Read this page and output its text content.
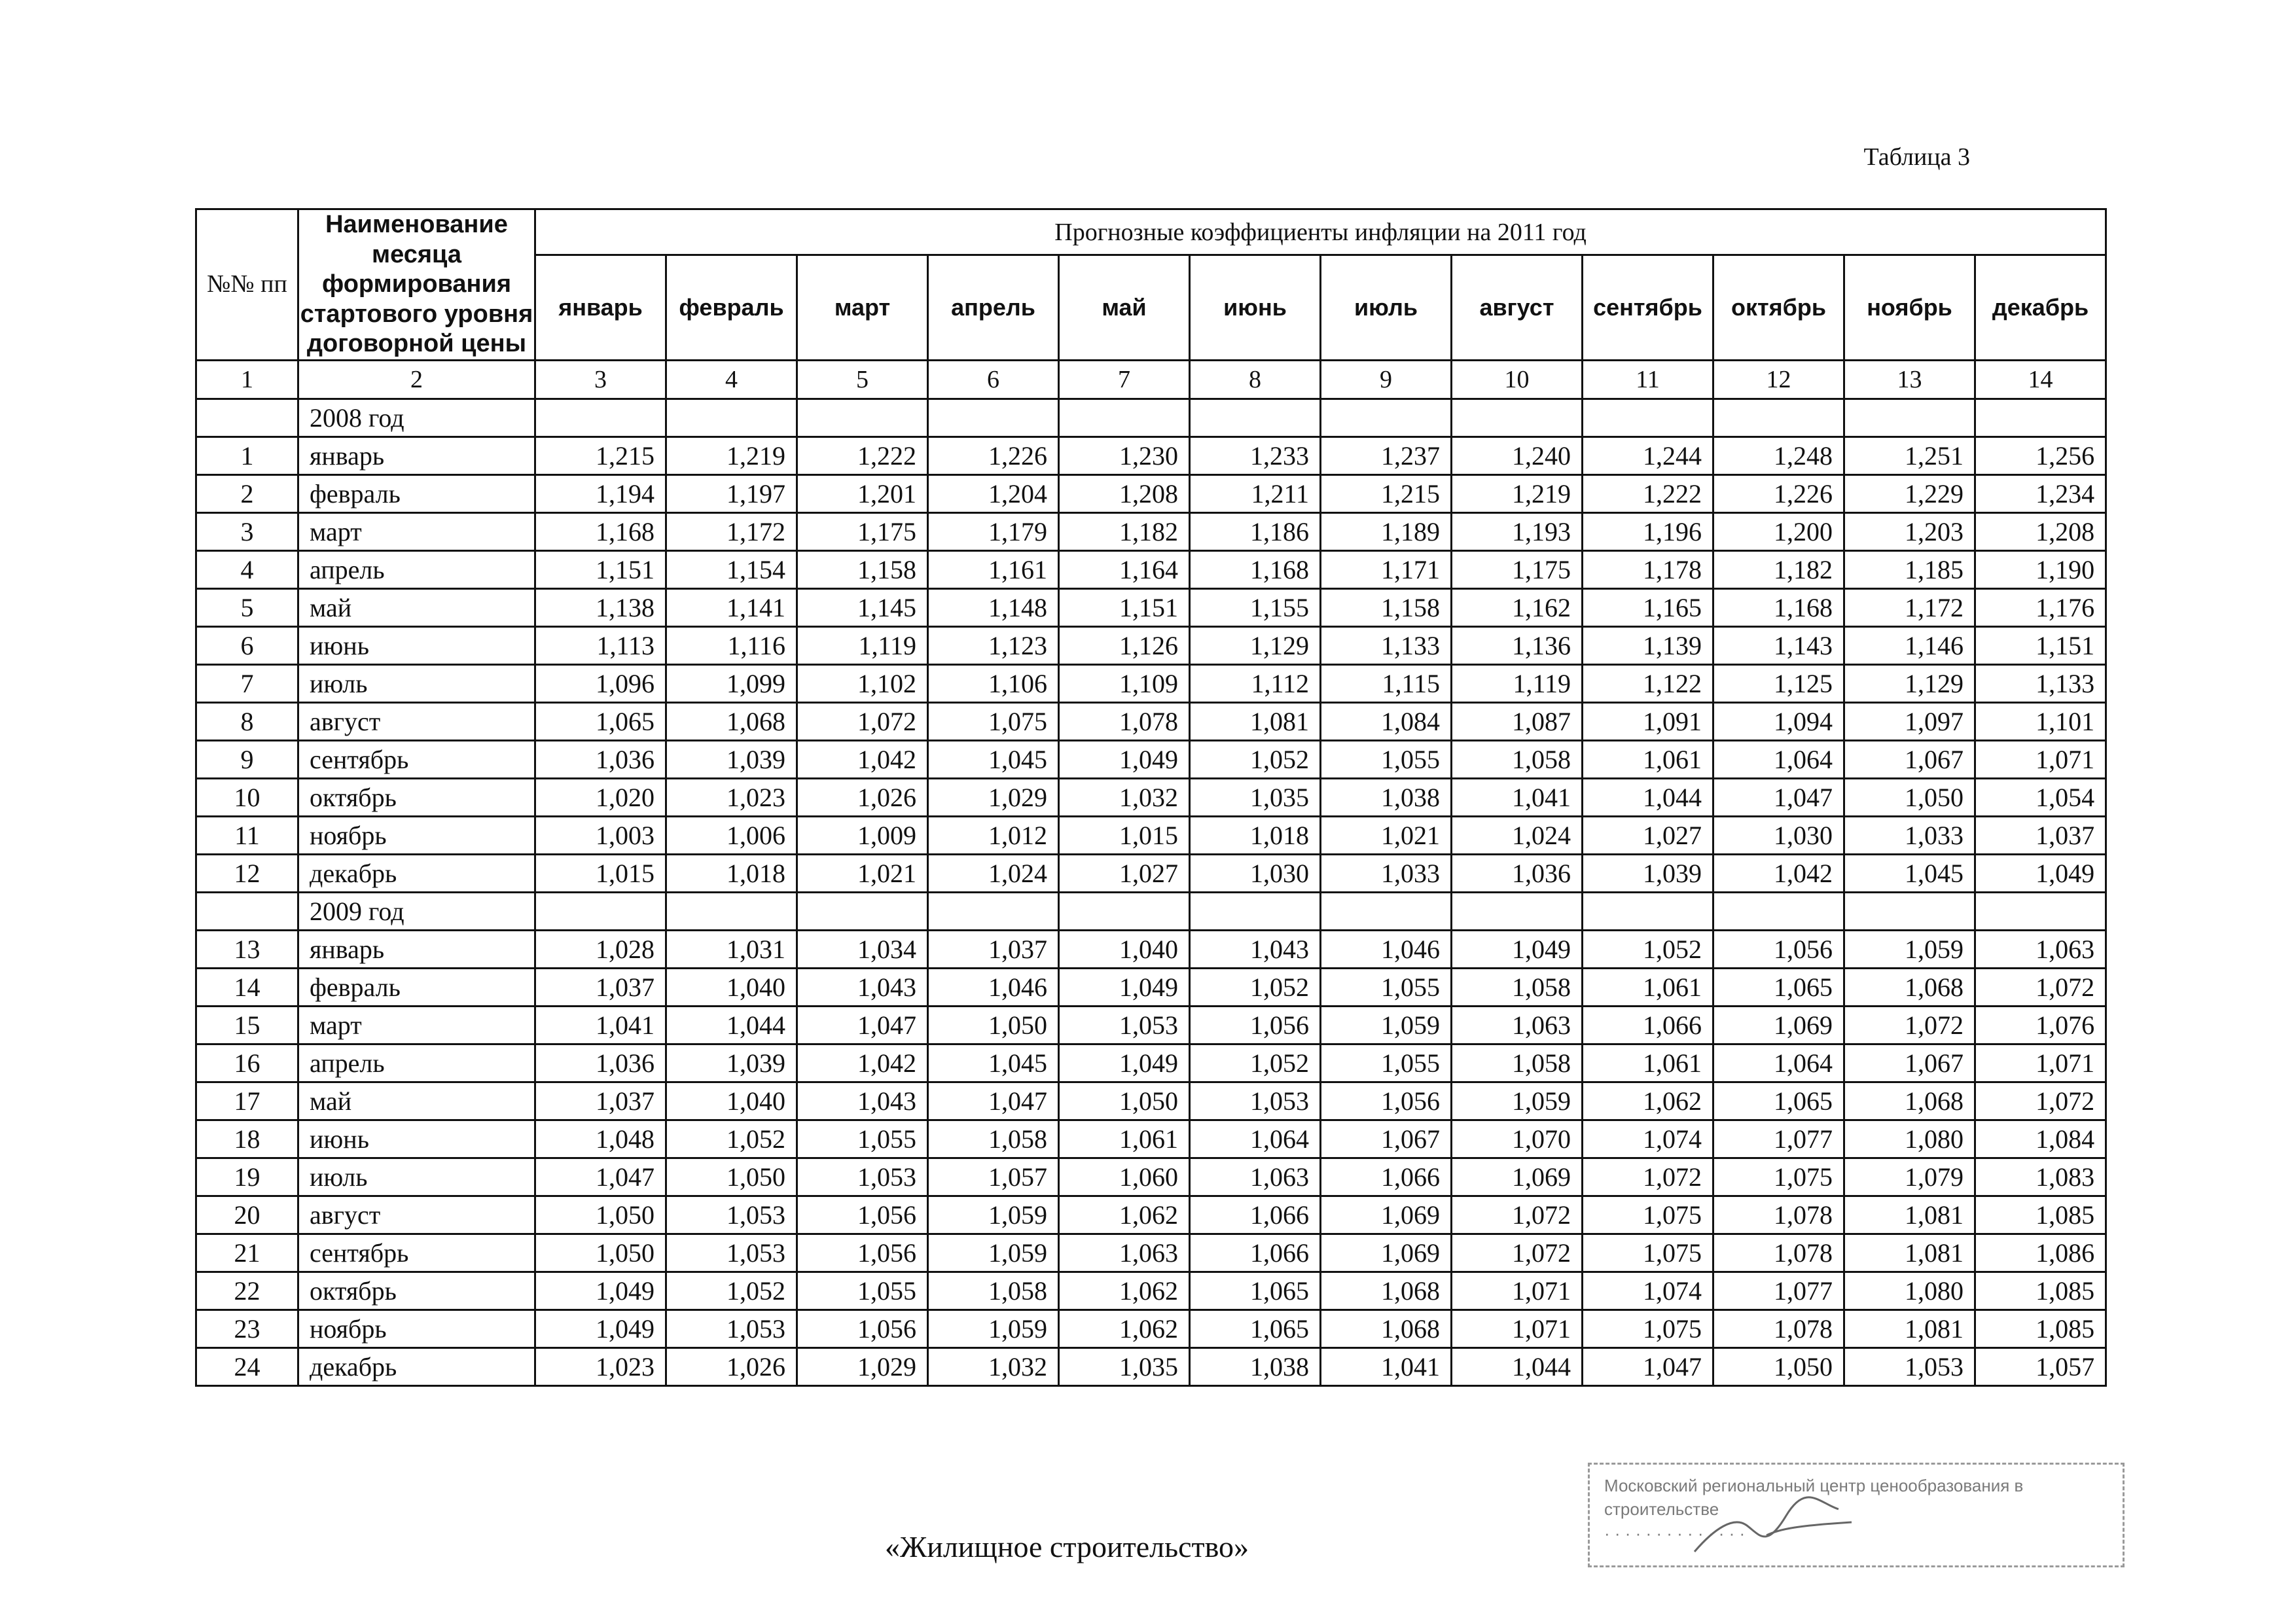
Таблица 3
№№ пп	Наименование месяца формирования стартового уровня договорной цены	Прогнозные коэффициенты инфляции на 2011 год											
		январь	февраль	март	апрель	май	июнь	июль	август	сентябрь	октябрь	ноябрь	декабрь
1	2	3	4	5	6	7	8	9	10	11	12	13	14
	2008 год												
1	январь	1,215	1,219	1,222	1,226	1,230	1,233	1,237	1,240	1,244	1,248	1,251	1,256
2	февраль	1,194	1,197	1,201	1,204	1,208	1,211	1,215	1,219	1,222	1,226	1,229	1,234
3	март	1,168	1,172	1,175	1,179	1,182	1,186	1,189	1,193	1,196	1,200	1,203	1,208
4	апрель	1,151	1,154	1,158	1,161	1,164	1,168	1,171	1,175	1,178	1,182	1,185	1,190
5	май	1,138	1,141	1,145	1,148	1,151	1,155	1,158	1,162	1,165	1,168	1,172	1,176
6	июнь	1,113	1,116	1,119	1,123	1,126	1,129	1,133	1,136	1,139	1,143	1,146	1,151
7	июль	1,096	1,099	1,102	1,106	1,109	1,112	1,115	1,119	1,122	1,125	1,129	1,133
8	август	1,065	1,068	1,072	1,075	1,078	1,081	1,084	1,087	1,091	1,094	1,097	1,101
9	сентябрь	1,036	1,039	1,042	1,045	1,049	1,052	1,055	1,058	1,061	1,064	1,067	1,071
10	октябрь	1,020	1,023	1,026	1,029	1,032	1,035	1,038	1,041	1,044	1,047	1,050	1,054
11	ноябрь	1,003	1,006	1,009	1,012	1,015	1,018	1,021	1,024	1,027	1,030	1,033	1,037
12	декабрь	1,015	1,018	1,021	1,024	1,027	1,030	1,033	1,036	1,039	1,042	1,045	1,049
	2009 год												
13	январь	1,028	1,031	1,034	1,037	1,040	1,043	1,046	1,049	1,052	1,056	1,059	1,063
14	февраль	1,037	1,040	1,043	1,046	1,049	1,052	1,055	1,058	1,061	1,065	1,068	1,072
15	март	1,041	1,044	1,047	1,050	1,053	1,056	1,059	1,063	1,066	1,069	1,072	1,076
16	апрель	1,036	1,039	1,042	1,045	1,049	1,052	1,055	1,058	1,061	1,064	1,067	1,071
17	май	1,037	1,040	1,043	1,047	1,050	1,053	1,056	1,059	1,062	1,065	1,068	1,072
18	июнь	1,048	1,052	1,055	1,058	1,061	1,064	1,067	1,070	1,074	1,077	1,080	1,084
19	июль	1,047	1,050	1,053	1,057	1,060	1,063	1,066	1,069	1,072	1,075	1,079	1,083
20	август	1,050	1,053	1,056	1,059	1,062	1,066	1,069	1,072	1,075	1,078	1,081	1,085
21	сентябрь	1,050	1,053	1,056	1,059	1,063	1,066	1,069	1,072	1,075	1,078	1,081	1,086
22	октябрь	1,049	1,052	1,055	1,058	1,062	1,065	1,068	1,071	1,074	1,077	1,080	1,085
23	ноябрь	1,049	1,053	1,056	1,059	1,062	1,065	1,068	1,071	1,075	1,078	1,081	1,085
24	декабрь	1,023	1,026	1,029	1,032	1,035	1,038	1,041	1,044	1,047	1,050	1,053	1,057
«Жилищное строительство»
Московский региональный центр ценообразования в
строительстве
· · · · · · · · · · · · · ·
